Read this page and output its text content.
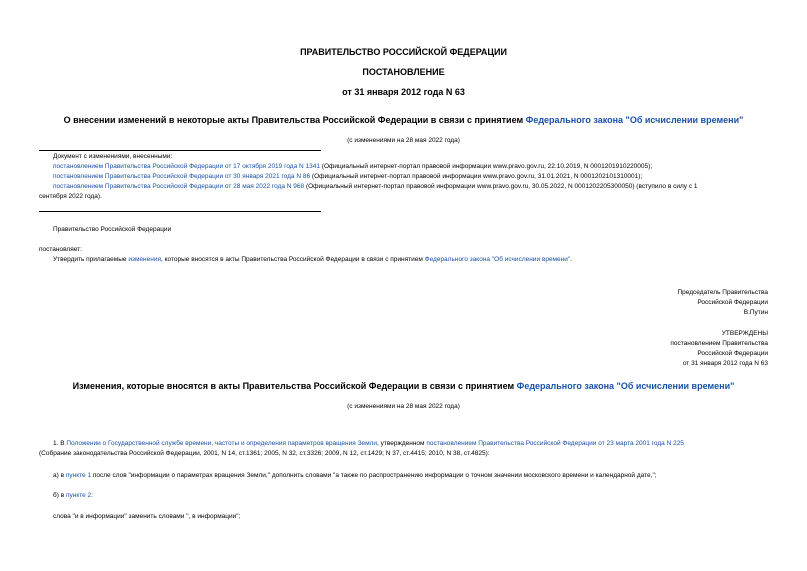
ПРАВИТЕЛЬСТВО РОССИЙСКОЙ ФЕДЕРАЦИИ
ПОСТАНОВЛЕНИЕ
от 31 января 2012 года N 63
О внесении изменений в некоторые акты Правительства Российской Федерации в связи с принятием Федерального закона "Об исчислении времени"
(с изменениями на 28 мая 2022 года)
Документ с изменениями, внесенными:
постановлением Правительства Российской Федерации от 17 октября 2019 года N 1341 (Официальный интернет-портал правовой информации www.pravo.gov.ru, 22.10.2019, N 0001201910220005);
постановлением Правительства Российской Федерации от 30 января 2021 года N 86 (Официальный интернет-портал правовой информации www.pravo.gov.ru, 31.01.2021, N 0001202101310001);
постановлением Правительства Российской Федерации от 28 мая 2022 года N 968 (Официальный интернет-портал правовой информации www.pravo.gov.ru, 30.05.2022, N 0001202205300050) (вступило в силу с 1
сентября 2022 года).
Правительство Российской Федерации
постановляет:
Утвердить прилагаемые изменения, которые вносятся в акты Правительства Российской Федерации в связи с принятием Федерального закона "Об исчислении времени".
Председатель Правительства
Российской Федерации
В.Путин
УТВЕРЖДЕНЫ
постановлением Правительства
Российской Федерации
от 31 января 2012 года N 63
Изменения, которые вносятся в акты Правительства Российской Федерации в связи с принятием Федерального закона "Об исчислении времени"
(с изменениями на 28 мая 2022 года)
1. В Положении о Государственной службе времени, частоты и определения параметров вращения Земли, утвержденном постановлением Правительства Российской Федерации от 23 марта 2001 года N 225
(Собрание законодательства Российской Федерации, 2001, N 14, ст.1361; 2005, N 32, ст.3326; 2009, N 12, ст.1429; N 37, ст.4415; 2010, N 38, ст.4825):
а) в пункте 1 после слов "информации о параметрах вращения Земли," дополнить словами "а также по распространению информации о точном значении московского времени и календарной дате,";
б) в пункте 2:
слова "и в информации" заменить словами ", в информации";
